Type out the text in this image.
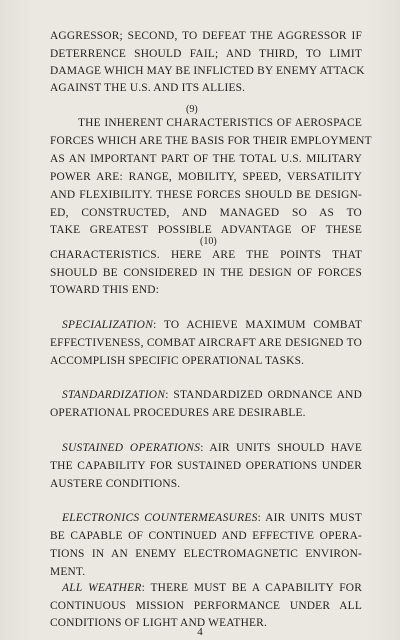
AGGRESSOR; SECOND, TO DEFEAT THE AGGRESSOR IF
DETERRENCE SHOULD FAIL; AND THIRD, TO LIMIT
DAMAGE WHICH MAY BE INFLICTED BY ENEMY ATTACK
AGAINST THE U.S. AND ITS ALLIES.
(9)
THE INHERENT CHARACTERISTICS OF AEROSPACE
FORCES WHICH ARE THE BASIS FOR THEIR EMPLOYMENT
AS AN IMPORTANT PART OF THE TOTAL U.S. MILITARY
POWER ARE: RANGE, MOBILITY, SPEED, VERSATILITY
AND FLEXIBILITY. THESE FORCES SHOULD BE DESIGN-
ED, CONSTRUCTED, AND MANAGED SO AS TO
TAKE GREATEST POSSIBLE ADVANTAGE OF THESE
(10)
CHARACTERISTICS. HERE ARE THE POINTS THAT
SHOULD BE CONSIDERED IN THE DESIGN OF FORCES
TOWARD THIS END:
SPECIALIZATION: TO ACHIEVE MAXIMUM COMBAT
EFFECTIVENESS, COMBAT AIRCRAFT ARE DESIGNED TO
ACCOMPLISH SPECIFIC OPERATIONAL TASKS.
STANDARDIZATION: STANDARDIZED ORDNANCE AND
OPERATIONAL PROCEDURES ARE DESIRABLE.
SUSTAINED OPERATIONS: AIR UNITS SHOULD HAVE
THE CAPABILITY FOR SUSTAINED OPERATIONS UNDER
AUSTERE CONDITIONS.
ELECTRONICS COUNTERMEASURES: AIR UNITS MUST
BE CAPABLE OF CONTINUED AND EFFECTIVE OPERA-
TIONS IN AN ENEMY ELECTROMAGNETIC ENVIRON-
MENT.
ALL WEATHER: THERE MUST BE A CAPABILITY FOR
CONTINUOUS MISSION PERFORMANCE UNDER ALL
CONDITIONS OF LIGHT AND WEATHER.
4
